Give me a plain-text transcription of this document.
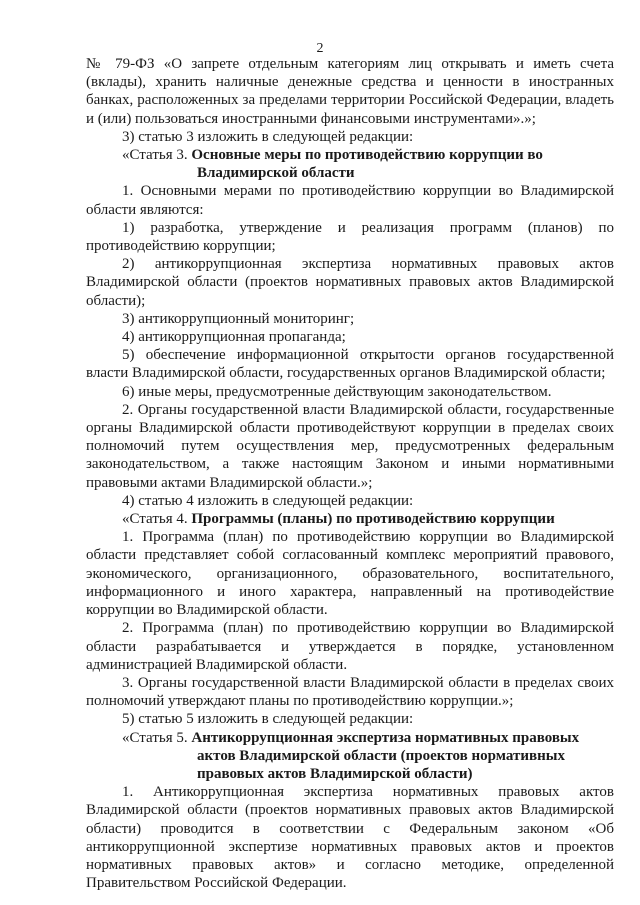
2

№ 79-ФЗ «О запрете отдельным категориям лиц открывать и иметь счета (вклады), хранить наличные денежные средства и ценности в иностранных банках, расположенных за пределами территории Российской Федерации, владеть и (или) пользоваться иностранными финансовыми инструментами».»;

3) статью 3 изложить в следующей редакции:

«Статья 3. Основные меры по противодействию коррупции во

Владимирской области

1. Основными мерами по противодействию коррупции во Владимирской области являются:

1) разработка, утверждение и реализация программ (планов) по противодействию коррупции;

2) антикоррупционная экспертиза нормативных правовых актов Владимирской области (проектов нормативных правовых актов Владимирской области);

3) антикоррупционный мониторинг;

4) антикоррупционная пропаганда;

5) обеспечение информационной открытости органов государственной власти Владимирской области, государственных органов Владимирской области;

6) иные меры, предусмотренные действующим законодательством.

2. Органы государственной власти Владимирской области, государственные органы Владимирской области противодействуют коррупции в пределах своих полномочий путем осуществления мер, предусмотренных федеральным законодательством, а также настоящим Законом и иными нормативными правовыми актами Владимирской области.»;

4) статью 4 изложить в следующей редакции:

«Статья 4. Программы (планы) по противодействию коррупции

1. Программа (план) по противодействию коррупции во Владимирской области представляет собой согласованный комплекс мероприятий правового, экономического, организационного, образовательного, воспитательного, информационного и иного характера, направленный на противодействие коррупции во Владимирской области.

2. Программа (план) по противодействию коррупции во Владимирской области разрабатывается и утверждается в порядке, установленном администрацией Владимирской области.

3. Органы государственной власти Владимирской области в пределах своих полномочий утверждают планы по противодействию коррупции.»;

5) статью 5 изложить в следующей редакции:

«Статья 5. Антикоррупционная экспертиза нормативных правовых

актов Владимирской области (проектов нормативных правовых актов Владимирской области)

1. Антикоррупционная экспертиза нормативных правовых актов Владимирской области (проектов нормативных правовых актов Владимирской области) проводится в соответствии с Федеральным законом «Об антикоррупционной экспертизе нормативных правовых актов и проектов нормативных правовых актов» и согласно методике, определенной Правительством Российской Федерации.
